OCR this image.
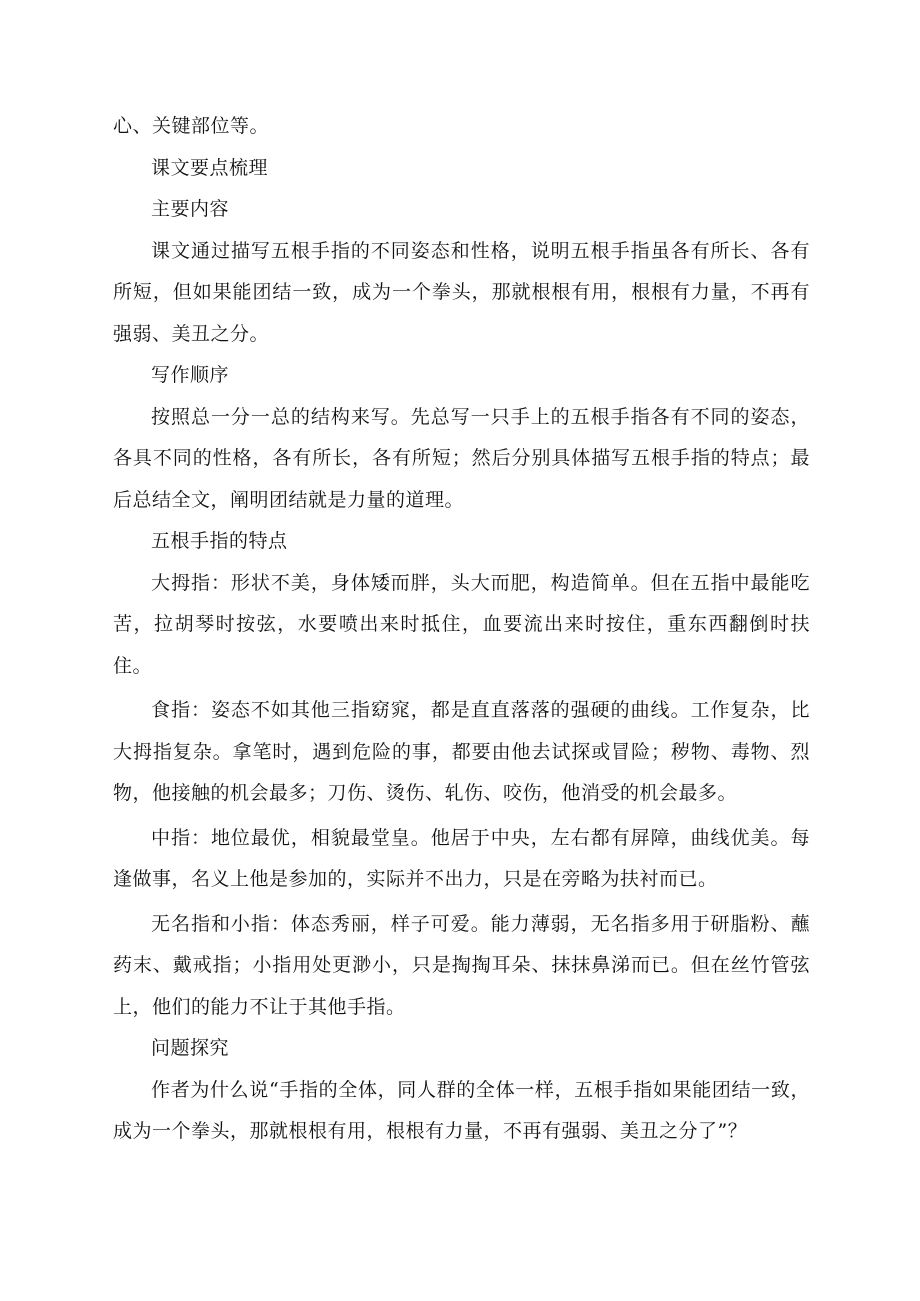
心、关键部位等。

课文要点梳理

主要内容

课文通过描写五根手指的不同姿态和性格，说明五根手指虽各有所长、各有所短，但如果能团结一致，成为一个拳头，那就根根有用，根根有力量，不再有强弱、美丑之分。

写作顺序

按照总一分一总的结构来写。先总写一只手上的五根手指各有不同的姿态，各具不同的性格，各有所长，各有所短；然后分别具体描写五根手指的特点；最后总结全文，阐明团结就是力量的道理。

五根手指的特点

大拇指：形状不美，身体矮而胖，头大而肥，构造简单。但在五指中最能吃苦，拉胡琴时按弦，水要喷出来时抵住，血要流出来时按住，重东西翻倒时扶住。

食指：姿态不如其他三指窈窕，都是直直落落的强硬的曲线。工作复杂，比大拇指复杂。拿笔时，遇到危险的事，都要由他去试探或冒险；秽物、毒物、烈物，他接触的机会最多；刀伤、烫伤、轧伤、咬伤，他消受的机会最多。

中指：地位最优，相貌最堂皇。他居于中央，左右都有屏障，曲线优美。每逢做事，名义上他是参加的，实际并不出力，只是在旁略为扶衬而已。

无名指和小指：体态秀丽，样子可爱。能力薄弱，无名指多用于研脂粉、蘸药末、戴戒指；小指用处更渺小，只是掏掏耳朵、抹抹鼻涕而已。但在丝竹管弦上，他们的能力不让于其他手指。

问题探究

作者为什么说“手指的全体，同人群的全体一样，五根手指如果能团结一致，成为一个拳头，那就根根有用，根根有力量，不再有强弱、美丑之分了”？
